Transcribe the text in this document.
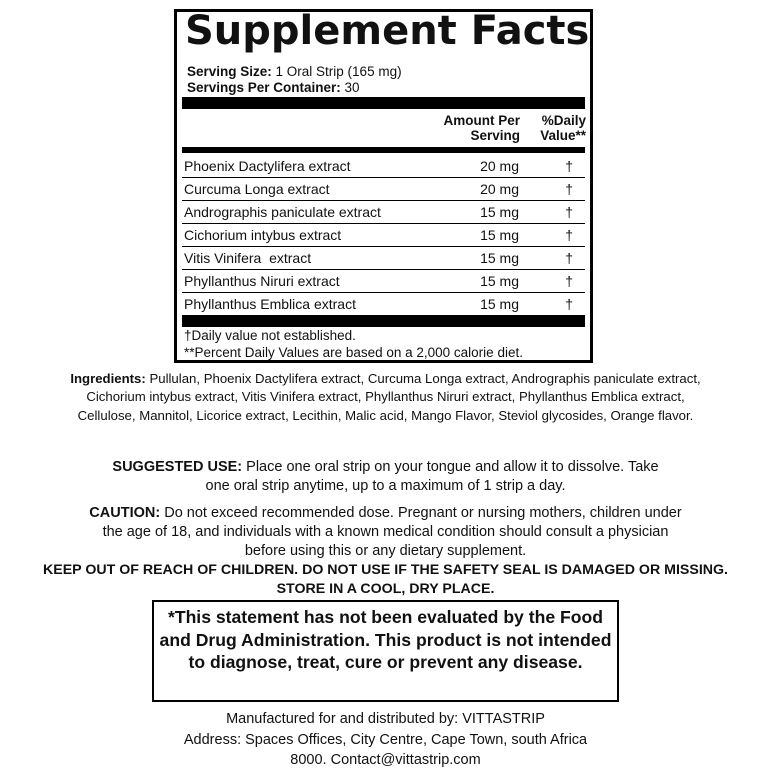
Supplement Facts
Serving Size: 1 Oral Strip (165 mg)
Servings Per Container: 30
Amount Per
Serving
%Daily
Value**
Phoenix Dactylifera extract	20 mg	†
Curcuma Longa extract	20 mg	†
Andrographis paniculate extract	15 mg	†
Cichorium intybus extract	15 mg	†
Vitis Vinifera  extract	15 mg	†
Phyllanthus Niruri extract	15 mg	†
Phyllanthus Emblica extract	15 mg	†
†Daily value not established.
**Percent Daily Values are based on a 2,000 calorie diet.
Ingredients: Pullulan, Phoenix Dactylifera extract, Curcuma Longa extract, Andrographis paniculate extract, Cichorium intybus extract, Vitis Vinifera extract, Phyllanthus Niruri extract, Phyllanthus Emblica extract, Cellulose, Mannitol, Licorice extract, Lecithin, Malic acid, Mango Flavor, Steviol glycosides, Orange flavor.
SUGGESTED USE: Place one oral strip on your tongue and allow it to dissolve. Take one oral strip anytime, up to a maximum of 1 strip a day.
CAUTION: Do not exceed recommended dose. Pregnant or nursing mothers, children under the age of 18, and individuals with a known medical condition should consult a physician before using this or any dietary supplement.
KEEP OUT OF REACH OF CHILDREN. DO NOT USE IF THE SAFETY SEAL IS DAMAGED OR MISSING. STORE IN A COOL, DRY PLACE.
*This statement has not been evaluated by the Food and Drug Administration. This product is not intended to diagnose, treat, cure or prevent any disease.
Manufactured for and distributed by: VITTASTRIP
Address: Spaces Offices, City Centre, Cape Town, south Africa
8000. Contact@vittastrip.com
